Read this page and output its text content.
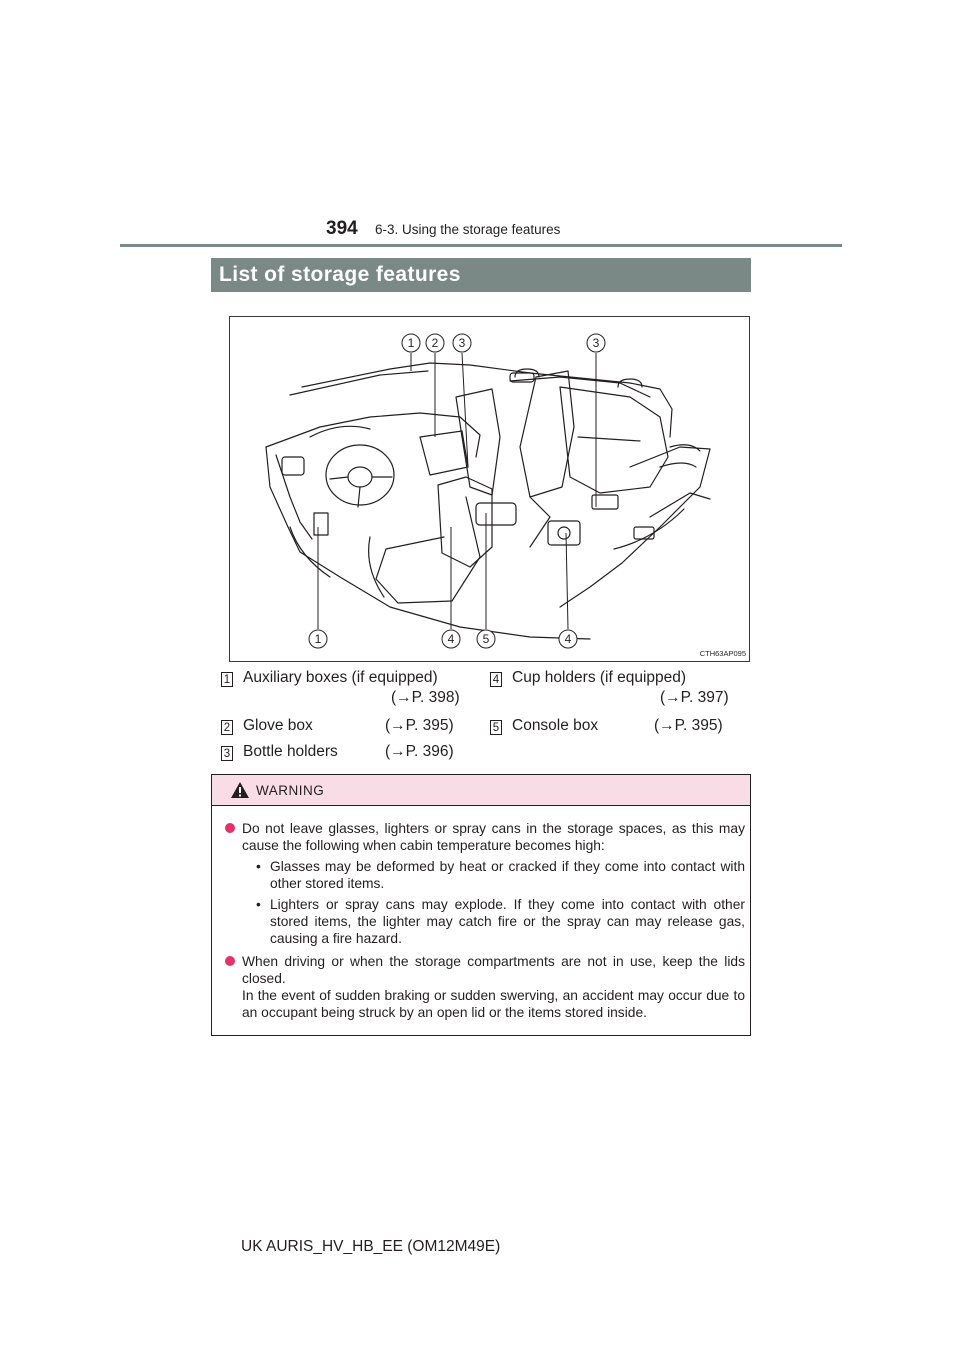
394 6-3. Using the storage features
List of storage features
1 2 3	3
1	4 5	4
CTH63AP095
1 Auxiliary boxes (if equipped)
(→P. 398)
2 Glove box	(→P. 395)
3 Bottle holders	(→P. 396)
4 Cup holders (if equipped)
(→P. 397)
5 Console box	(→P. 395)
WARNING

Do not leave glasses, lighters or spray cans in the storage spaces, as this may cause the following when cabin temperature becomes high:

• Glasses may be deformed by heat or cracked if they come into contact with other stored items.
• Lighters or spray cans may explode. If they come into contact with other stored items, the lighter may catch fire or the spray can may release gas, causing a fire hazard.

When driving or when the storage compartments are not in use, keep the lids closed.

In the event of sudden braking or sudden swerving, an accident may occur due to an occupant being struck by an open lid or the items stored inside.

UK AURIS_HV_HB_EE (OM12M49E)
